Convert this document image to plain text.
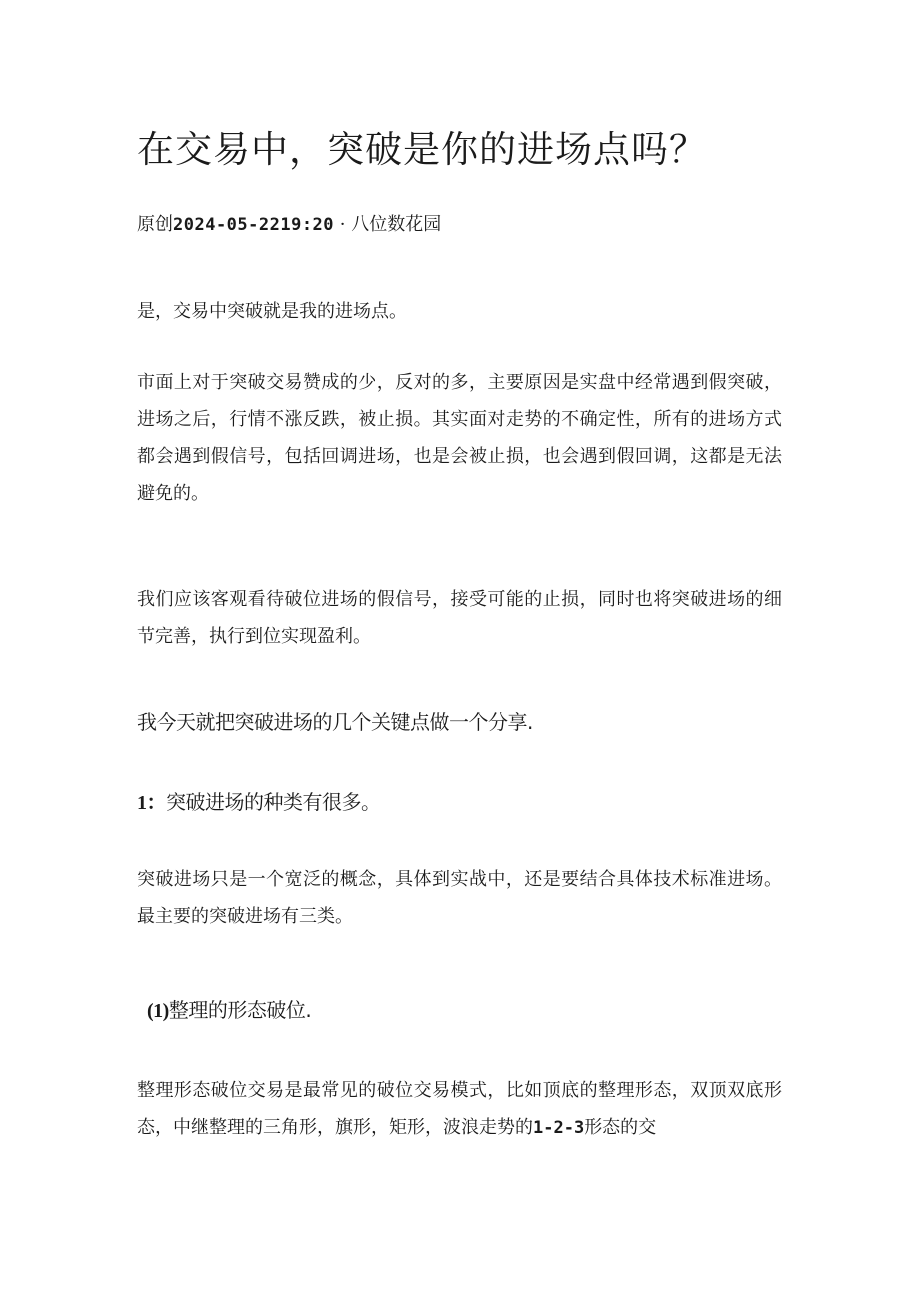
在交易中，突破是你的进场点吗？
原创2024-05-2219:20 · 八位数花园

是，交易中突破就是我的进场点。

市面上对于突破交易赞成的少，反对的多，主要原因是实盘中经常遇到假突破，进场之后，行情不涨反跌，被止损。其实面对走势的不确定性，所有的进场方式都会遇到假信号，包括回调进场，也是会被止损，也会遇到假回调，这都是无法避免的。

我们应该客观看待破位进场的假信号，接受可能的止损，同时也将突破进场的细节完善，执行到位实现盈利。

我今天就把突破进场的几个关键点做一个分享.
1：突破进场的种类有很多。

突破进场只是一个宽泛的概念，具体到实战中，还是要结合具体技术标准进场。最主要的突破进场有三类。

(1)整理的形态破位.

整理形态破位交易是最常见的破位交易模式，比如顶底的整理形态，双顶双底形态，中继整理的三角形，旗形，矩形，波浪走势的1-2-3形态的交
